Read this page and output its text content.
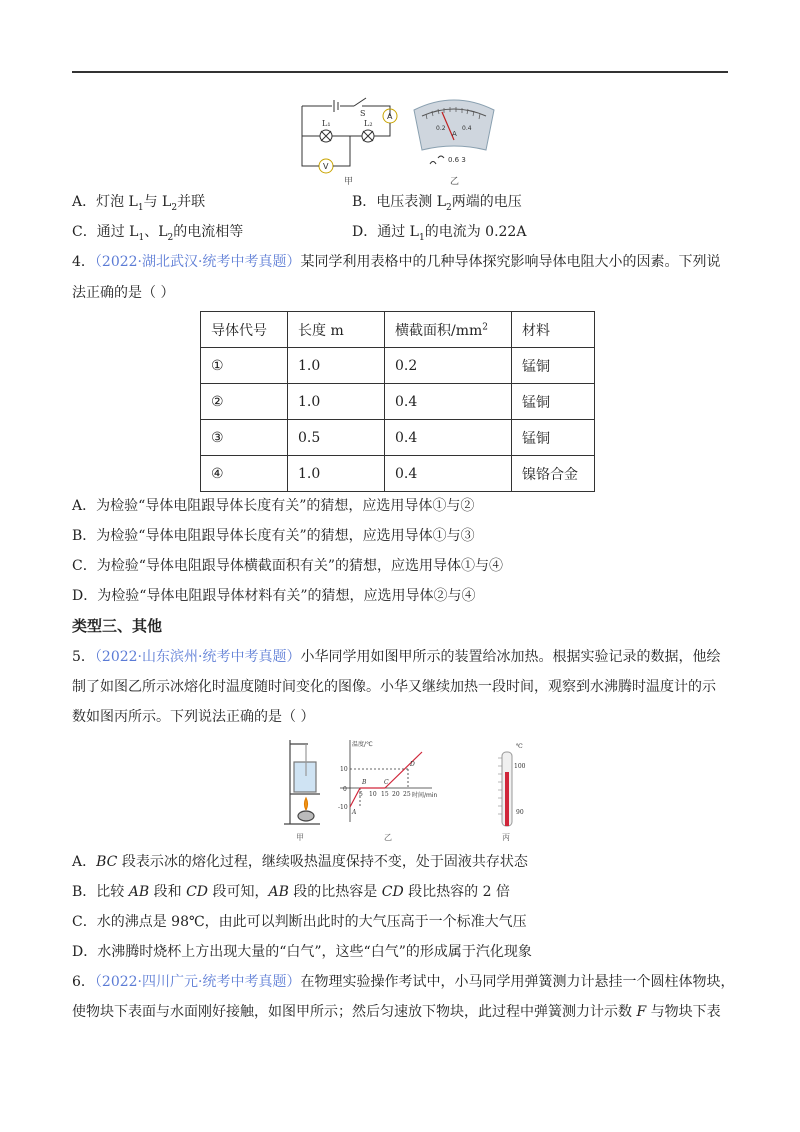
S
L₁	L₂
A
V
0.2	0.4
A
0.6 3
甲	乙
A．灯泡 $L_1$与 $L_2$并联	B．电压表测 $L_2$两端的电压
C．通过 $L_1$、$L_2$的电流相等	D．通过 $L_1$的电流为 0.22A
4．（2022·湖北武汉·统考中考真题）某同学利用表格中的几种导体探究影响导体电阻大小的因素。下列说
法正确的是（ ）
导体代号	长度 m	横截面积$/mm^2$	材料
①	1.0	0.2	锰铜
②	1.0	0.4	锰铜
③	0.5	0.4	锰铜
④	1.0	0.4	镍铬合金
A．为检验“导体电阻跟导体长度有关”的猜想，应选用导体①与②
B．为检验“导体电阻跟导体长度有关”的猜想，应选用导体①与③
C．为检验“导体电阻跟导体横截面积有关”的猜想，应选用导体①与④
D．为检验“导体电阻跟导体材料有关”的猜想，应选用导体②与④
类型三、其他
5．（2022·山东滨州·统考中考真题）小华同学用如图甲所示的装置给冰加热。根据实验记录的数据，他绘
制了如图乙所示冰熔化时温度随时间变化的图像。小华又继续加热一段时间，观察到水沸腾时温度计的示
数如图丙所示。下列说法正确的是（ ）
温度/℃
时间/min
10
0
-10
5 10 15 20 25
A
B	C
D
℃
100
90
甲	乙	丙
A．BC 段表示冰的熔化过程，继续吸热温度保持不变，处于固液共存状态
B．比较 AB 段和 CD 段可知，AB 段的比热容是 CD 段比热容的 2 倍
C．水的沸点是 98℃，由此可以判断出此时的大气压高于一个标准大气压
D．水沸腾时烧杯上方出现大量的“白气”，这些“白气”的形成属于汽化现象
6．（2022·四川广元·统考中考真题）在物理实验操作考试中，小马同学用弹簧测力计悬挂一个圆柱体物块，
使物块下表面与水面刚好接触，如图甲所示；然后匀速放下物块，此过程中弹簧测力计示数 F 与物块下表
